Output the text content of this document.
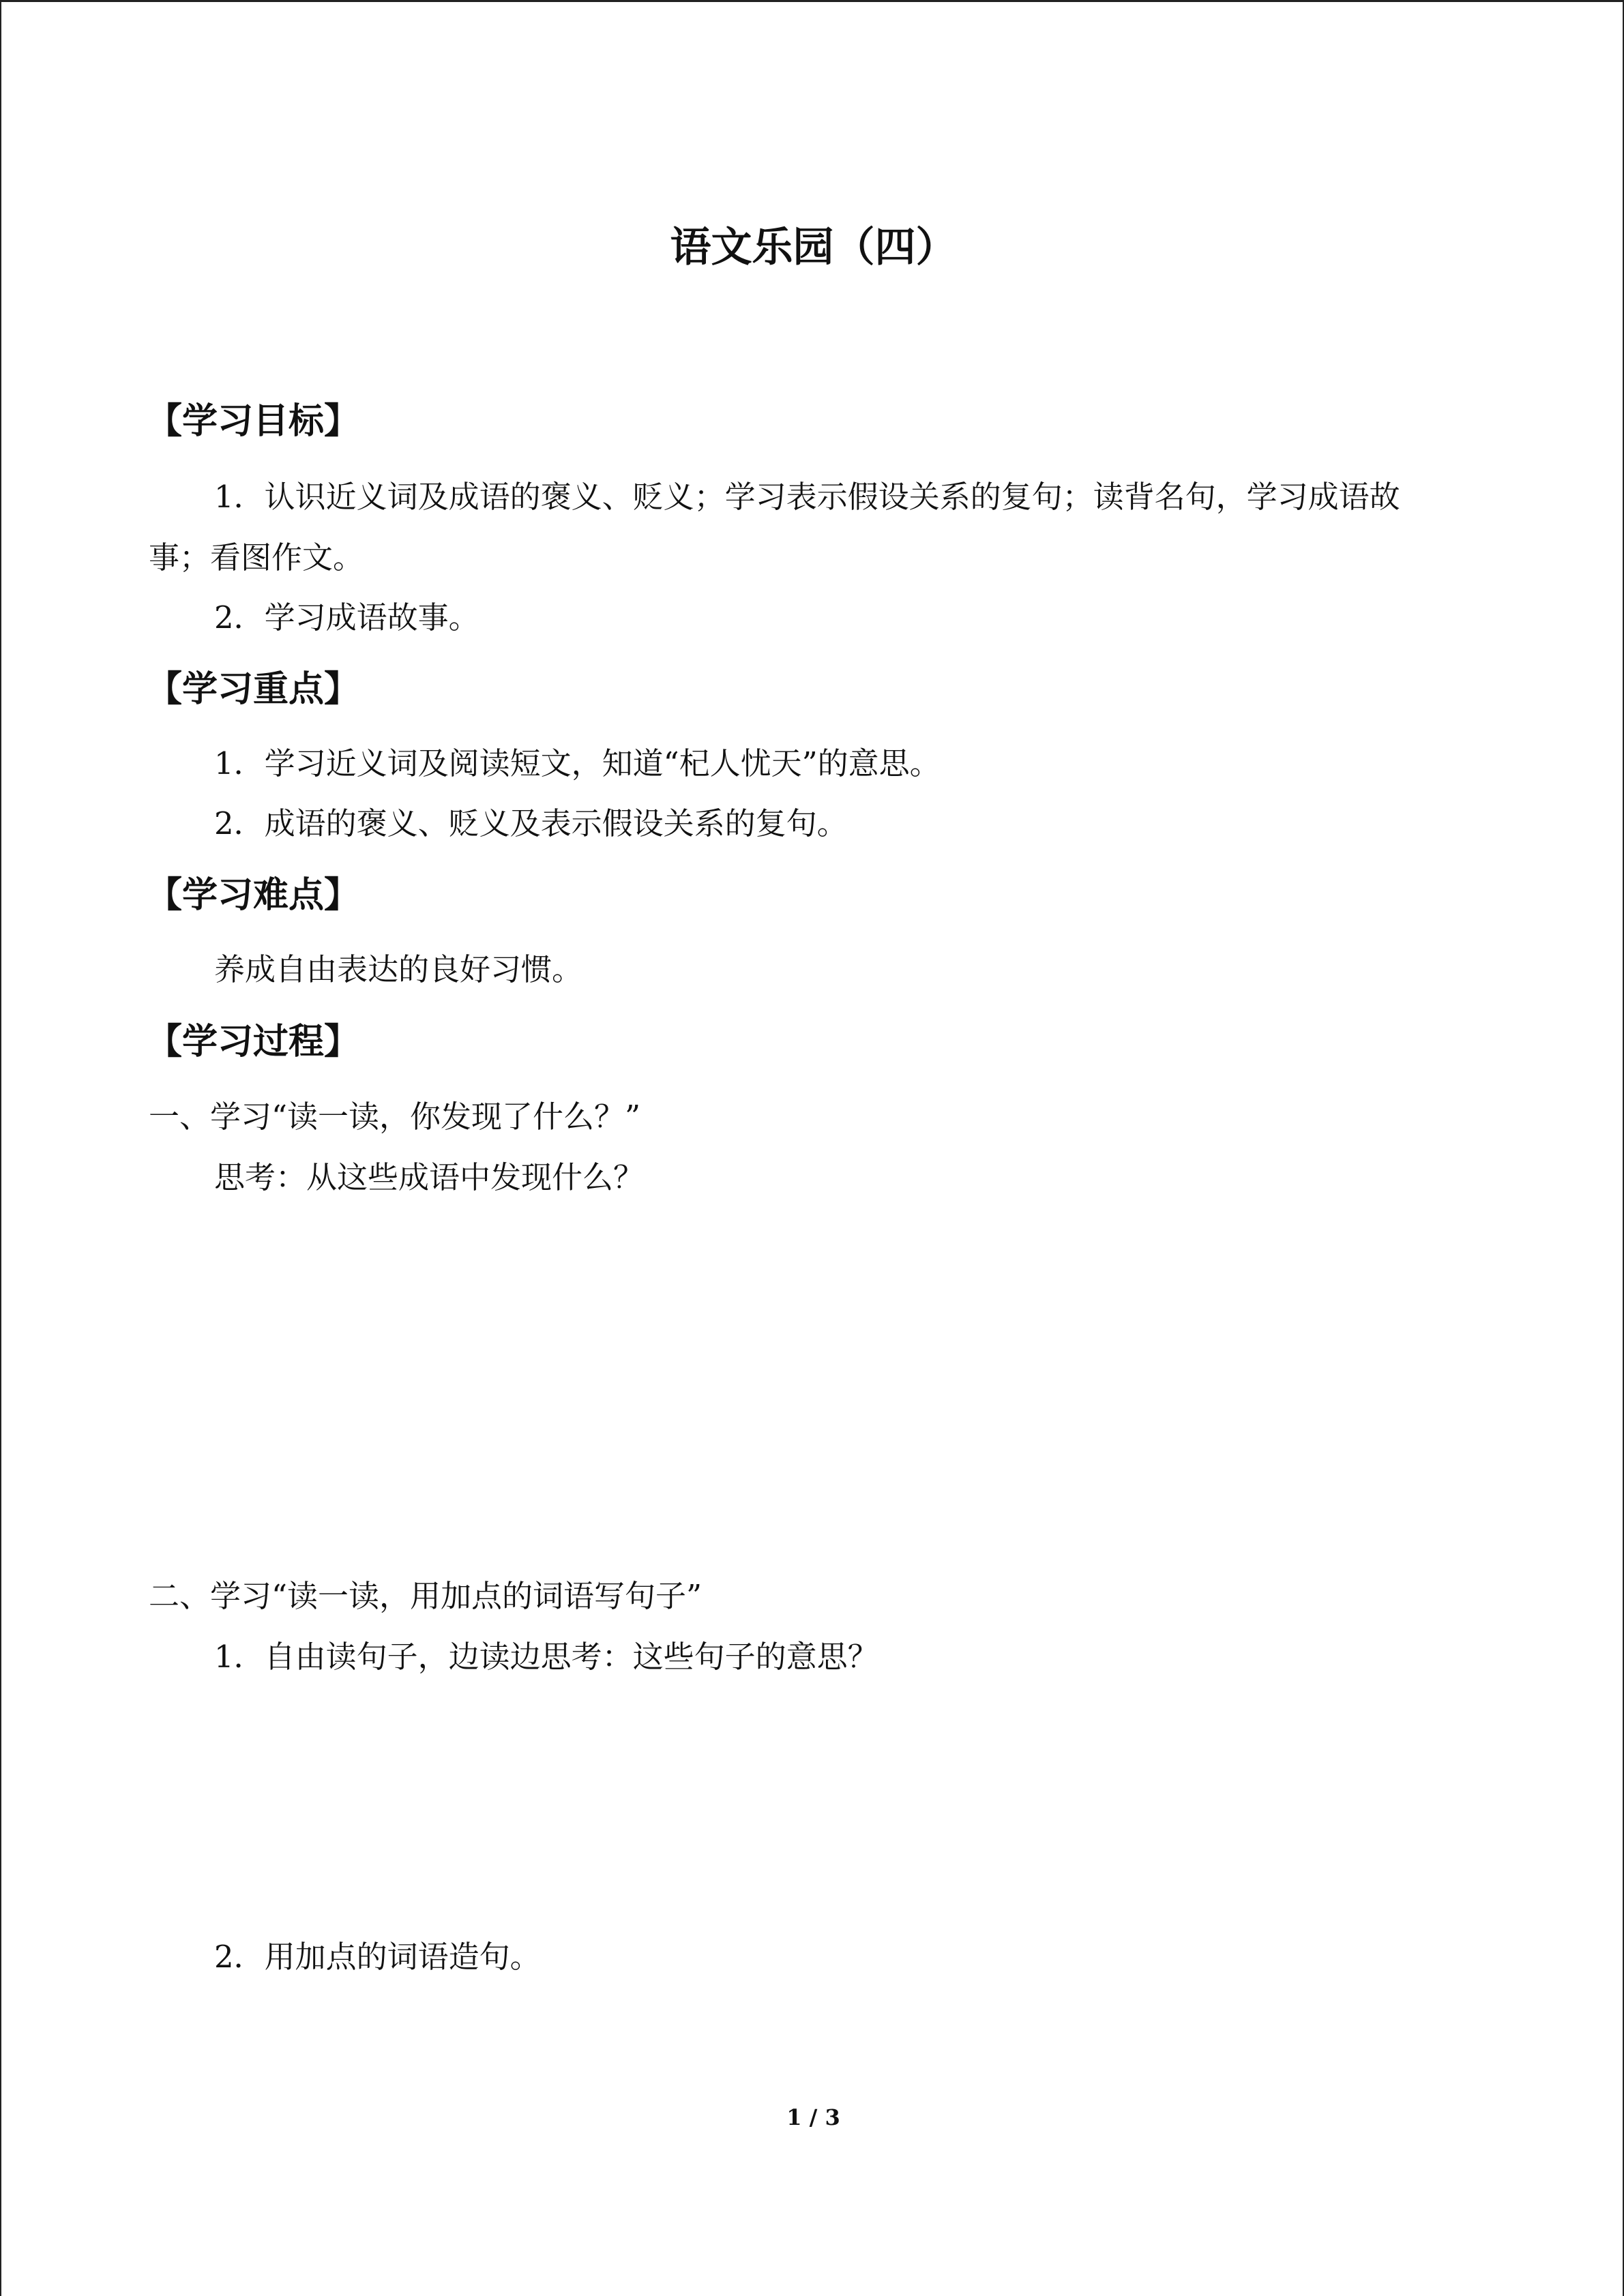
语文乐园（四）
【学习目标】
1．认识近义词及成语的褒义、贬义；学习表示假设关系的复句；读背名句，学习成语故
事；看图作文。
2．学习成语故事。
【学习重点】
1．学习近义词及阅读短文，知道“杞人忧天”的意思。
2．成语的褒义、贬义及表示假设关系的复句。
【学习难点】
养成自由表达的良好习惯。
【学习过程】
一、学习“读一读，你发现了什么？”
思考：从这些成语中发现什么？
二、学习“读一读，用加点的词语写句子”
1．自由读句子，边读边思考：这些句子的意思？
2．用加点的词语造句。
1 / 3
